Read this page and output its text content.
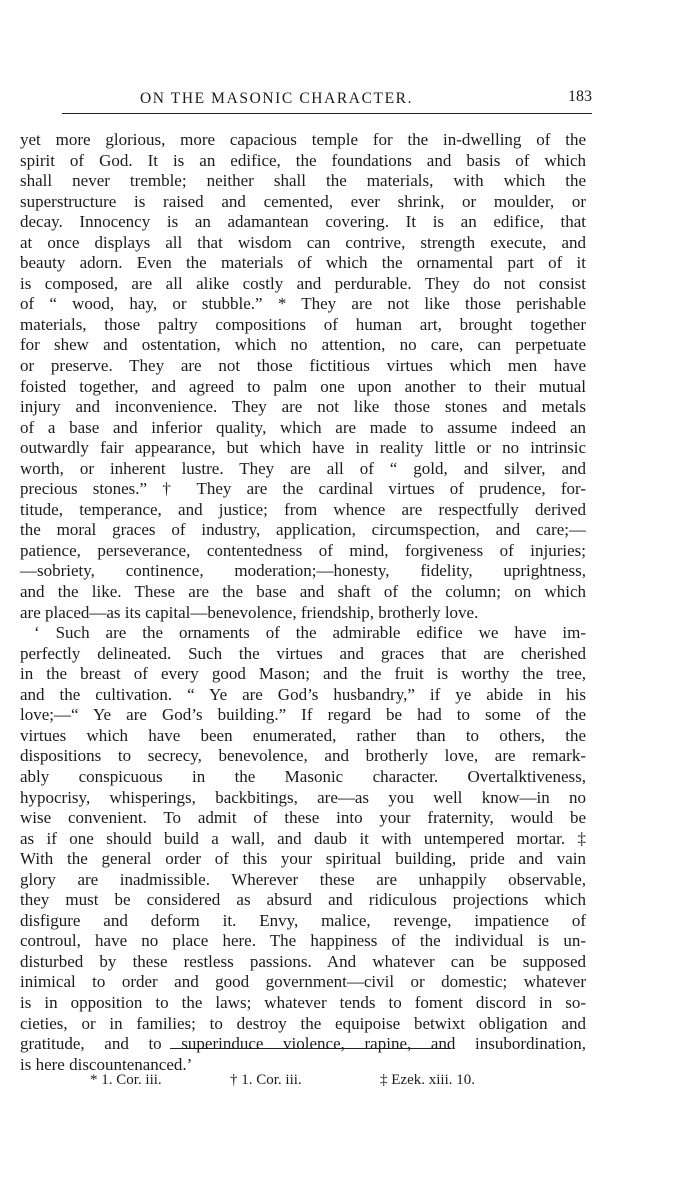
ON THE MASONIC CHARACTER.	183
yet more glorious, more capacious temple for the in-dwelling of the
spirit of God. It is an edifice, the foundations and basis of which
shall never tremble; neither shall the materials, with which the
superstructure is raised and cemented, ever shrink, or moulder, or
decay. Innocency is an adamantean covering. It is an edifice, that
at once displays all that wisdom can contrive, strength execute, and
beauty adorn. Even the materials of which the ornamental part of it
is composed, are all alike costly and perdurable. They do not consist
of “ wood, hay, or stubble.” * They are not like those perishable
materials, those paltry compositions of human art, brought together
for shew and ostentation, which no attention, no care, can perpetuate
or preserve. They are not those fictitious virtues which men have
foisted together, and agreed to palm one upon another to their mutual
injury and inconvenience. They are not like those stones and metals
of a base and inferior quality, which are made to assume indeed an
outwardly fair appearance, but which have in reality little or no intrinsic
worth, or inherent lustre. They are all of “ gold, and silver, and
precious stones.” † They are the cardinal virtues of prudence, for-
titude, temperance, and justice; from whence are respectfully derived
the moral graces of industry, application, circumspection, and care;—
patience, perseverance, contentedness of mind, forgiveness of injuries;
—sobriety, continence, moderation;—honesty, fidelity, uprightness,
and the like. These are the base and shaft of the column; on which
are placed—as its capital—benevolence, friendship, brotherly love.
‘ Such are the ornaments of the admirable edifice we have im-
perfectly delineated. Such the virtues and graces that are cherished
in the breast of every good Mason; and the fruit is worthy the tree,
and the cultivation. “ Ye are God’s husbandry,” if ye abide in his
love;—“ Ye are God’s building.” If regard be had to some of the
virtues which have been enumerated, rather than to others, the
dispositions to secrecy, benevolence, and brotherly love, are remark-
ably conspicuous in the Masonic character. Overtalktiveness,
hypocrisy, whisperings, backbitings, are—as you well know—in no
wise convenient. To admit of these into your fraternity, would be
as if one should build a wall, and daub it with untempered mortar. ‡
With the general order of this your spiritual building, pride and vain
glory are inadmissible. Wherever these are unhappily observable,
they must be considered as absurd and ridiculous projections which
disfigure and deform it. Envy, malice, revenge, impatience of
controul, have no place here. The happiness of the individual is un-
disturbed by these restless passions. And whatever can be supposed
inimical to order and good government—civil or domestic; whatever
is in opposition to the laws; whatever tends to foment discord in so-
cieties, or in families; to destroy the equipoise betwixt obligation and
gratitude, and to superinduce violence, rapine, and insubordination,
is here discountenanced.’
* 1. Cor. iii.	† 1. Cor. iii.	‡ Ezek. xiii. 10.
